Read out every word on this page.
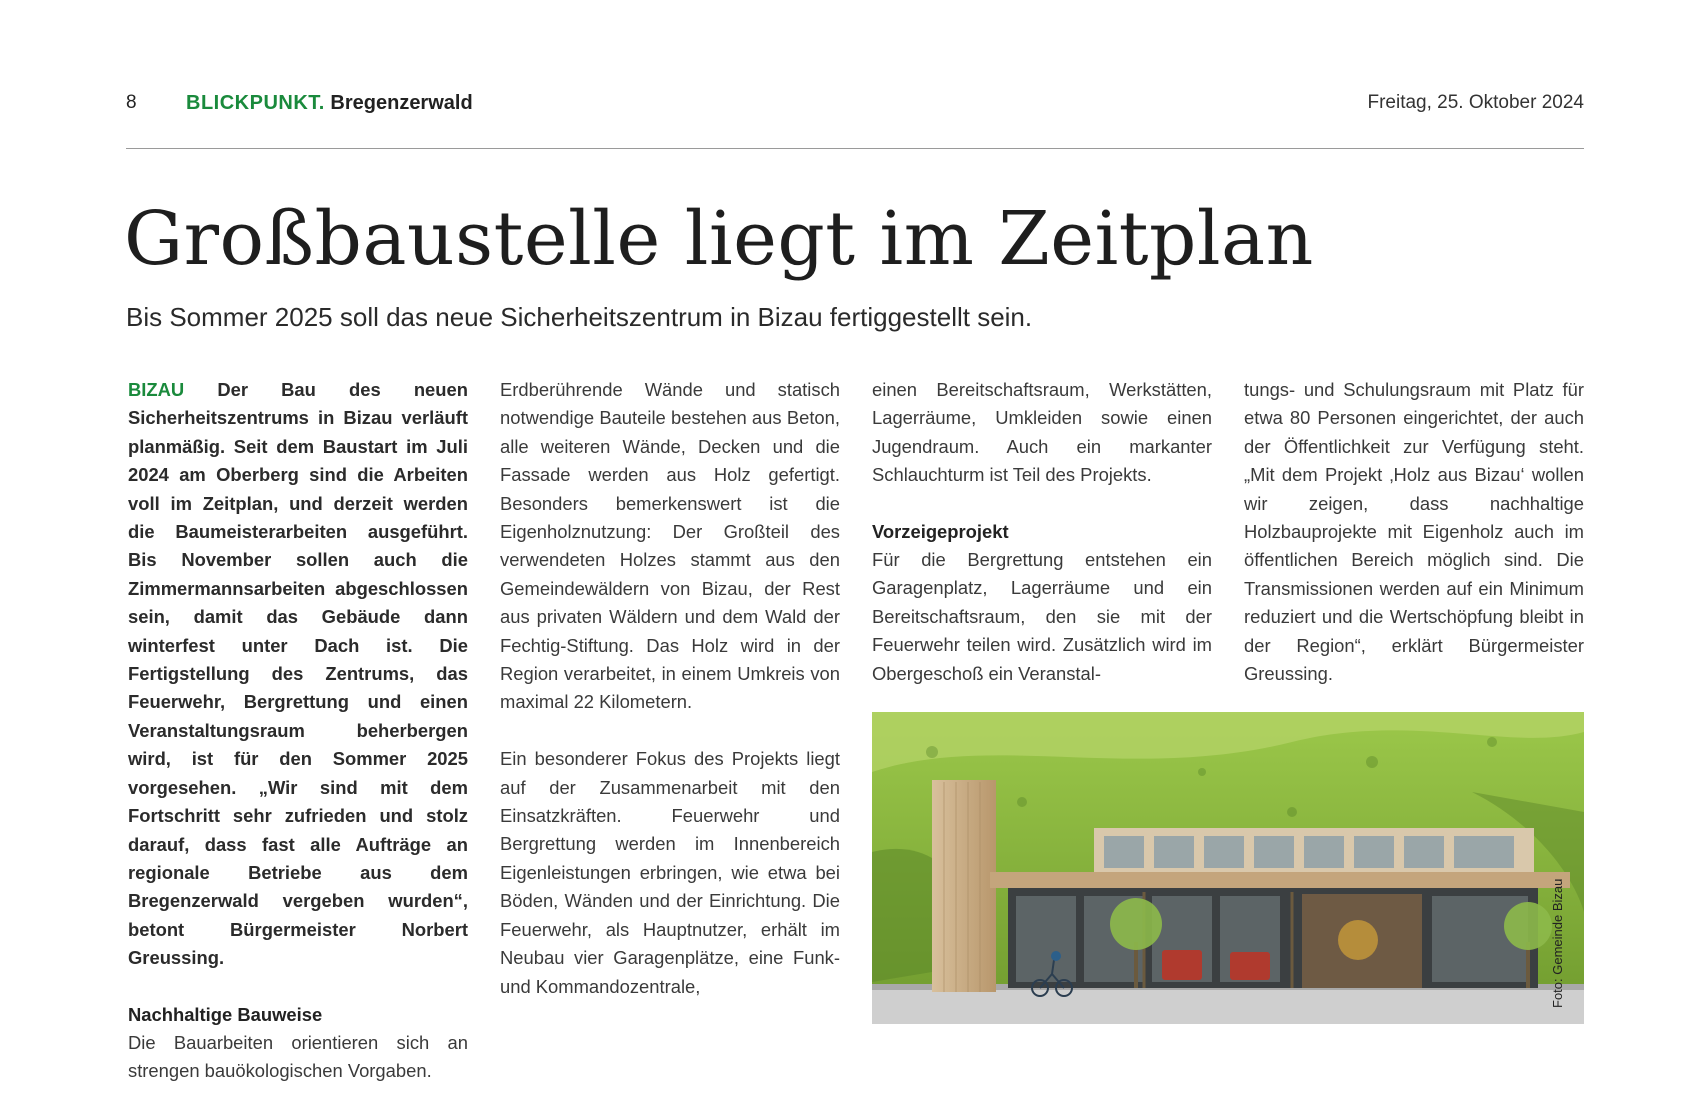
8 BLICKPUNKT. Bregenzerwald	Freitag, 25. Oktober 2024
Großbaustelle liegt im Zeitplan
Bis Sommer 2025 soll das neue Sicherheitszentrum in Bizau fertiggestellt sein.

BIZAU Der Bau des neuen Sicherheitszentrums in Bizau verläuft planmäßig. Seit dem Baustart im Juli 2024 am Oberberg sind die Arbeiten voll im Zeitplan, und derzeit werden die Baumeisterarbeiten ausgeführt. Bis November sollen auch die Zimmermannsarbeiten abgeschlossen sein, damit das Gebäude dann winterfest unter Dach ist. Die Fertigstellung des Zentrums, das Feuerwehr, Bergrettung und einen Veranstaltungsraum beherbergen wird, ist für den Sommer 2025 vorgesehen. „Wir sind mit dem Fortschritt sehr zufrieden und stolz darauf, dass fast alle Aufträge an regionale Betriebe aus dem Bregenzerwald vergeben wurden“, betont Bürgermeister Norbert Greussing.

Nachhaltige Bauweise

Die Bauarbeiten orientieren sich an strengen bauökologischen Vorgaben.

Erdberührende Wände und statisch notwendige Bauteile bestehen aus Beton, alle weiteren Wände, Decken und die Fassade werden aus Holz gefertigt. Besonders bemerkenswert ist die Eigenholznutzung: Der Großteil des verwendeten Holzes stammt aus den Gemeindewäldern von Bizau, der Rest aus privaten Wäldern und dem Wald der Fechtig-Stiftung. Das Holz wird in der Region verarbeitet, in einem Umkreis von maximal 22 Kilometern.

Ein besonderer Fokus des Projekts liegt auf der Zusammenarbeit mit den Einsatzkräften. Feuerwehr und Bergrettung werden im Innenbereich Eigenleistungen erbringen, wie etwa bei Böden, Wänden und der Einrichtung. Die Feuerwehr, als Hauptnutzer, erhält im Neubau vier Garagenplätze, eine Funk- und Kommandozentrale,

einen Bereitschaftsraum, Werkstätten, Lagerräume, Umkleiden sowie einen Jugendraum. Auch ein markanter Schlauchturm ist Teil des Projekts.

Vorzeigeprojekt

Für die Bergrettung entstehen ein Garagenplatz, Lagerräume und ein Bereitschaftsraum, den sie mit der Feuerwehr teilen wird. Zusätzlich wird im Obergeschoß ein Veranstal-

tungs- und Schulungsraum mit Platz für etwa 80 Personen eingerichtet, der auch der Öffentlichkeit zur Verfügung steht. „Mit dem Projekt ‚Holz aus Bizau‘ wollen wir zeigen, dass nachhaltige Holzbauprojekte mit Eigenholz auch im öffentlichen Bereich möglich sind. Die Transmissionen werden auf ein Minimum reduziert und die Wertschöpfung bleibt in der Region“, erklärt Bürgermeister Greussing.

Foto: Gemeinde Bizau
